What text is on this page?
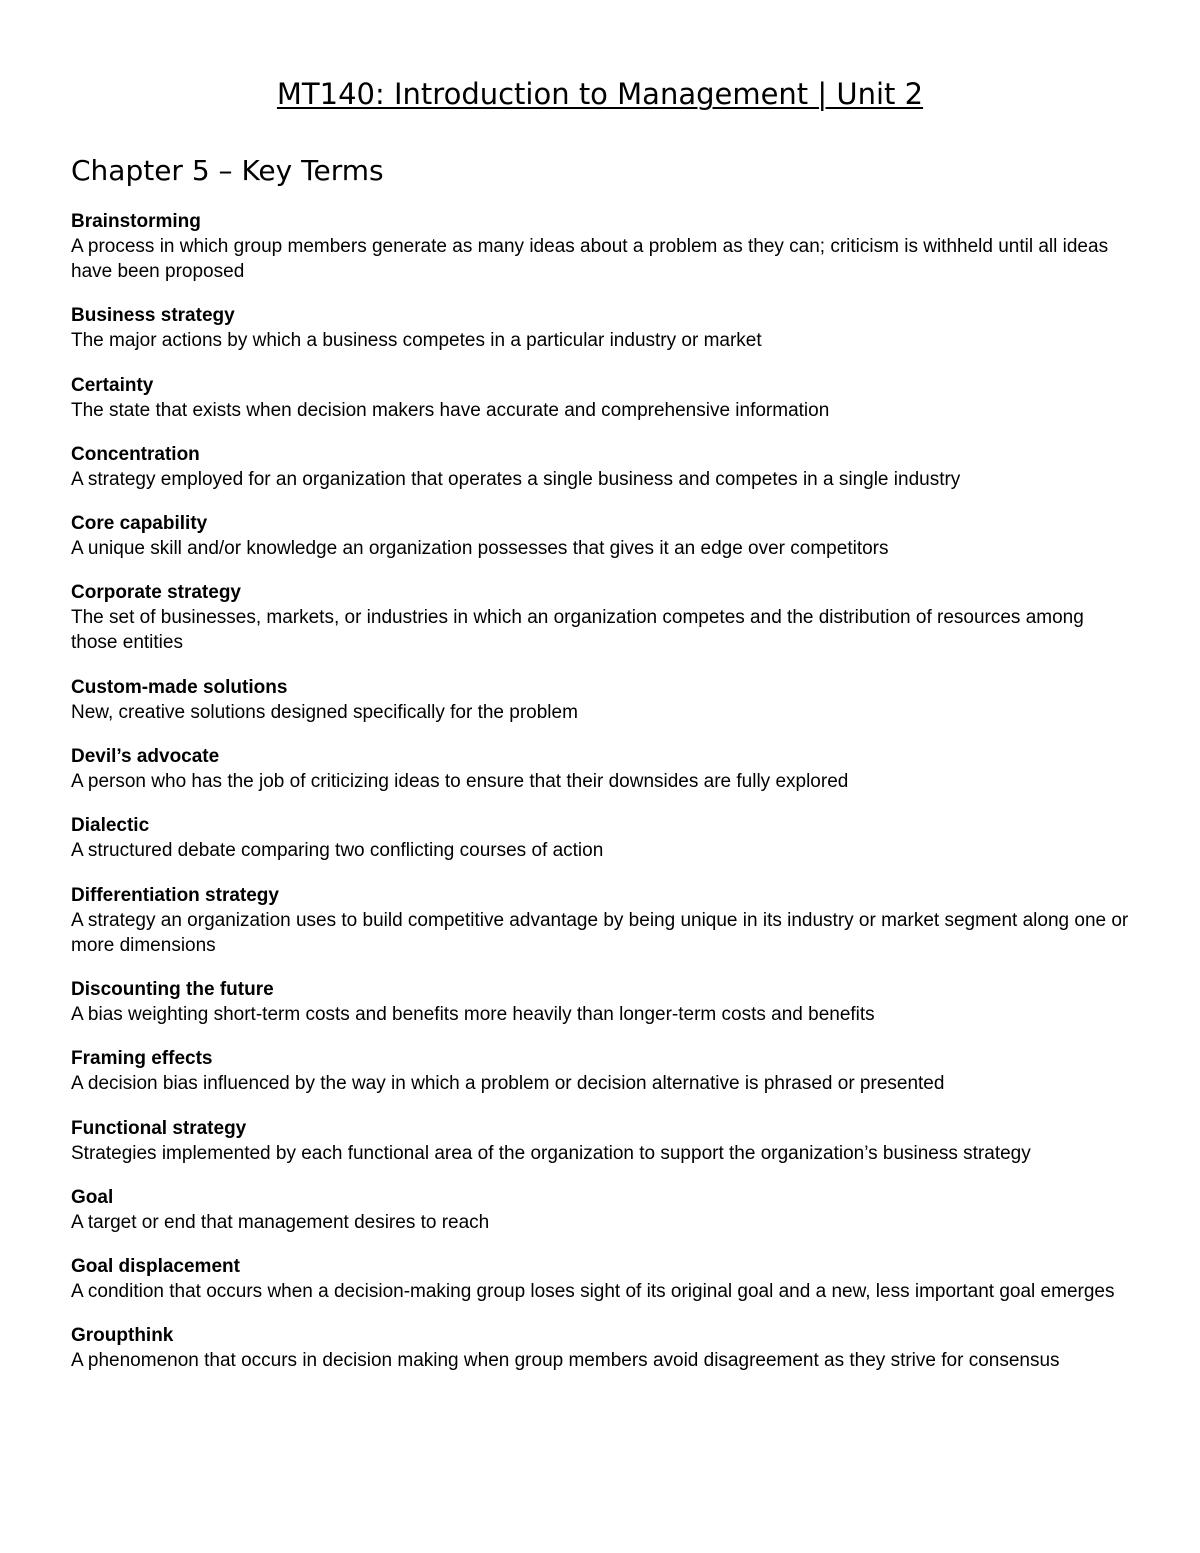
MT140: Introduction to Management | Unit 2
Chapter 5 – Key Terms
Brainstorming
A process in which group members generate as many ideas about a problem as they can; criticism is withheld until all ideas have been proposed
Business strategy
The major actions by which a business competes in a particular industry or market
Certainty
The state that exists when decision makers have accurate and comprehensive information
Concentration
A strategy employed for an organization that operates a single business and competes in a single industry
Core capability
A unique skill and/or knowledge an organization possesses that gives it an edge over competitors
Corporate strategy
The set of businesses, markets, or industries in which an organization competes and the distribution of resources among those entities
Custom-made solutions
New, creative solutions designed specifically for the problem
Devil’s advocate
A person who has the job of criticizing ideas to ensure that their downsides are fully explored
Dialectic
A structured debate comparing two conflicting courses of action
Differentiation strategy
A strategy an organization uses to build competitive advantage by being unique in its industry or market segment along one or more dimensions
Discounting the future
A bias weighting short-term costs and benefits more heavily than longer-term costs and benefits
Framing effects
A decision bias influenced by the way in which a problem or decision alternative is phrased or presented
Functional strategy
Strategies implemented by each functional area of the organization to support the organization’s business strategy
Goal
A target or end that management desires to reach
Goal displacement
A condition that occurs when a decision-making group loses sight of its original goal and a new, less important goal emerges
Groupthink
A phenomenon that occurs in decision making when group members avoid disagreement as they strive for consensus
